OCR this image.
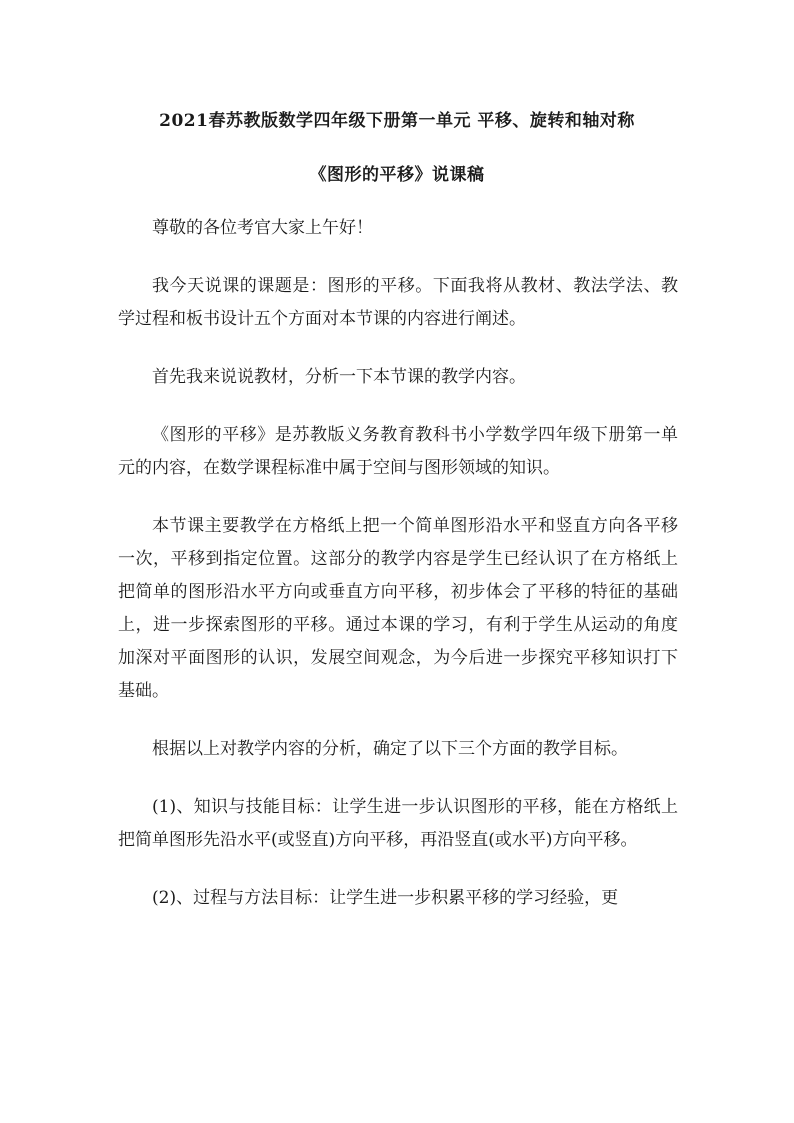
2021春苏教版数学四年级下册第一单元 平移、旋转和轴对称
《图形的平移》说课稿

尊敬的各位考官大家上午好！

我今天说课的课题是：图形的平移。下面我将从教材、教法学法、教学过程和板书设计五个方面对本节课的内容进行阐述。

首先我来说说教材，分析一下本节课的教学内容。

《图形的平移》是苏教版义务教育教科书小学数学四年级下册第一单元的内容，在数学课程标准中属于空间与图形领域的知识。

本节课主要教学在方格纸上把一个简单图形沿水平和竖直方向各平移一次，平移到指定位置。这部分的教学内容是学生已经认识了在方格纸上把简单的图形沿水平方向或垂直方向平移，初步体会了平移的特征的基础上，进一步探索图形的平移。通过本课的学习，有利于学生从运动的角度加深对平面图形的认识，发展空间观念，为今后进一步探究平移知识打下基础。

根据以上对教学内容的分析，确定了以下三个方面的教学目标。

(1)、知识与技能目标：让学生进一步认识图形的平移，能在方格纸上把简单图形先沿水平(或竖直)方向平移，再沿竖直(或水平)方向平移。

(2)、过程与方法目标：让学生进一步积累平移的学习经验，更
